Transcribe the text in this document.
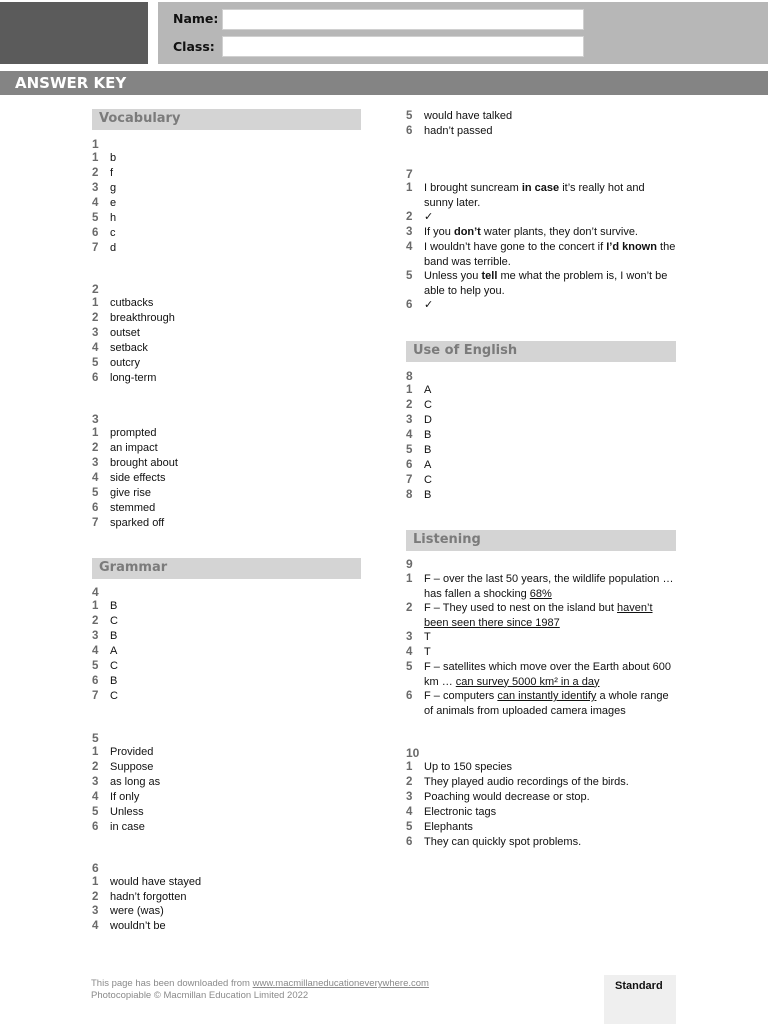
Name:
Class:
ANSWER KEY
Vocabulary
Grammar
Use of English
Listening
1
1	b
2	f
3	g
4	e
5	h
6	c
7	d
2
1	cutbacks
2	breakthrough
3	outset
4	setback
5	outcry
6	long-term
3
1	prompted
2	an impact
3	brought about
4	side effects
5	give rise
6	stemmed
7	sparked off
4
1	B
2	C
3	B
4	A
5	C
6	B
7	C
5
1	Provided
2	Suppose
3	as long as
4	If only
5	Unless
6	in case
7
1	I brought suncream in case it’s really hot and sunny later.
2	✓
3	If you don’t water plants, they don’t survive.
4	I wouldn’t have gone to the concert if I’d known the band was terrible.
5	Unless you tell me what the problem is, I won’t be able to help you.
6	✓
8
1	A
2	C
3	D
4	B
5	B
6	A
7	C
8	B
9
1	F – over the last 50 years, the wildlife population … has fallen a shocking 68%
2	F – They used to nest on the island but haven’t been seen there since 1987
3	T
4	T
5	F – satellites which move over the Earth about 600 km … can survey 5000 km² in a day
6	F – computers can instantly identify a whole range of animals from uploaded camera images
10
1	Up to 150 species
2	They played audio recordings of the birds.
3	Poaching would decrease or stop.
4	Electronic tags
5	Elephants
6	They can quickly spot problems.
6
1	would have stayed
2	hadn’t forgotten
3	were (was)
4	wouldn’t be
5	would have talked
6	hadn’t passed
This page has been downloaded from www.macmillaneducationeverywhere.com
Photocopiable © Macmillan Education Limited 2022
Standard
